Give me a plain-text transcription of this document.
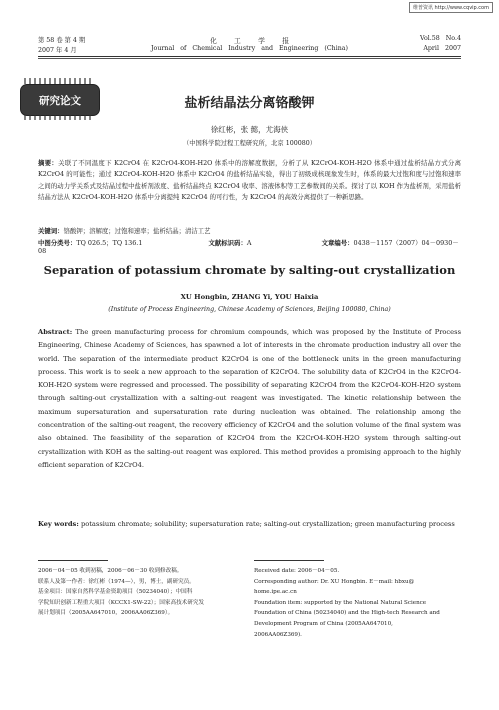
维普资讯 http://www.cqvip.com
第 58 卷 第 4 期
2007 年 4 月
化        工        学        报
Journal   of   Chemical   Industry   and   Engineering   (China)
Vol.58   No.4
April   2007
研究论文	盐析结晶法分离铬酸钾
徐红彬，张 懿，尤海侠
（中国科学院过程工程研究所，北京 100080）
摘要：关联了不同温度下 K2CrO4 在 K2CrO4-KOH-H2O 体系中的溶解度数据，分析了从 K2CrO4-KOH-H2O 体系中通过盐析结晶方式分离 K2CrO4 的可能性；通过 K2CrO4-KOH-H2O 体系中 K2CrO4 的盐析结晶实验，得出了初级成核现象发生时，体系的最大过饱和度与过饱和速率之间的动力学关系式及结晶过程中盐析剂浓度、盐析结晶终点 K2CrO4 收率、溶液体积等工艺参数间的关系。探讨了以 KOH 作为盐析剂，采用盐析结晶方法从 K2CrO4-KOH-H2O 体系中分离提纯 K2CrO4 的可行性，为 K2CrO4 的高效分离提供了一种新思路。
关键词：铬酸钾；溶解度；过饱和速率；盐析结晶；清洁工艺
中图分类号：TQ 026.5；TQ 136.1	文献标识码：A	文章编号：0438－1157（2007）04－0930－08
Separation of potassium chromate by salting-out crystallization
XU Hongbin, ZHANG Yi, YOU Haixia
(Institute of Process Engineering, Chinese Academy of Sciences, Beijing 100080, China)
Abstract: The green manufacturing process for chromium compounds, which was proposed by the Institute of Process Engineering, Chinese Academy of Sciences, has spawned a lot of interests in the chromate production industry all over the world. The separation of the intermediate product K2CrO4 is one of the bottleneck units in the green manufacturing process. This work is to seek a new approach to the separation of K2CrO4. The solubility data of K2CrO4 in the K2CrO4-KOH-H2O system were regressed and processed. The possibility of separating K2CrO4 from the K2CrO4-KOH-H2O system through salting-out crystallization with a salting-out reagent was investigated. The kinetic relationship between the maximum supersaturation and supersaturation rate during nucleation was obtained. The relationship among the concentration of the salting-out reagent, the recovery efficiency of K2CrO4 and the solution volume of the final system was also obtained. The feasibility of the separation of K2CrO4 from the K2CrO4-KOH-H2O system through salting-out crystallization with KOH as the salting-out reagent was explored. This method provides a promising approach to the highly efficient separation of K2CrO4.
Key words: potassium chromate; solubility; supersaturation rate; salting-out crystallization; green manufacturing process
2006－04－05 收到初稿，2006－06－30 收到修改稿。
联系人及第一作者：徐红彬（1974—），男，博士，副研究员。
基金项目：国家自然科学基金资助项目（50234040）；中国科
学院知识创新工程重大项目（KCCX1-SW-22）；国家高技术研究发
展计划项目（2005AA647010，2006AA06Z369）。
Received date: 2006－04－05.
Corresponding author: Dr. XU Hongbin. E－mail: hbxu@
home.ipe.ac.cn
Foundation item: supported by the National Natural Science
Foundation of China (50234040) and the High-tech Research and
Development Program of China (2005AA647010,
2006AA06Z369).
